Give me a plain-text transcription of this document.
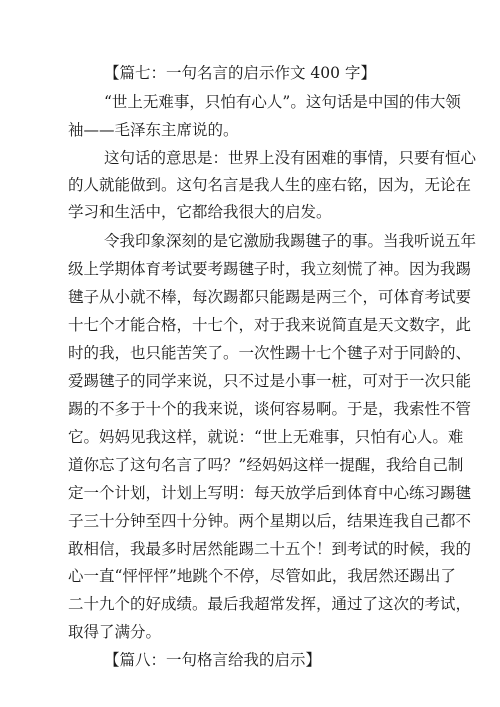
【篇七：一句名言的启示作文 400 字】
“世上无难事，只怕有心人”。这句话是中国的伟大领
袖——毛泽东主席说的。
这句话的意思是：世界上没有困难的事情，只要有恒心
的人就能做到。这句名言是我人生的座右铭，因为，无论在
学习和生活中，它都给我很大的启发。
令我印象深刻的是它激励我踢毽子的事。当我听说五年
级上学期体育考试要考踢毽子时，我立刻慌了神。因为我踢
毽子从小就不棒，每次踢都只能踢是两三个，可体育考试要
十七个才能合格，十七个，对于我来说简直是天文数字，此
时的我，也只能苦笑了。一次性踢十七个毽子对于同龄的、
爱踢毽子的同学来说，只不过是小事一桩，可对于一次只能
踢的不多于十个的我来说，谈何容易啊。于是，我索性不管
它。妈妈见我这样，就说：“世上无难事，只怕有心人。难
道你忘了这句名言了吗？”经妈妈这样一提醒，我给自己制
定一个计划，计划上写明：每天放学后到体育中心练习踢毽
子三十分钟至四十分钟。两个星期以后，结果连我自己都不
敢相信，我最多时居然能踢二十五个！到考试的时候，我的
心一直“怦怦怦”地跳个不停，尽管如此，我居然还踢出了
二十九个的好成绩。最后我超常发挥，通过了这次的考试，
取得了满分。
【篇八：一句格言给我的启示】
